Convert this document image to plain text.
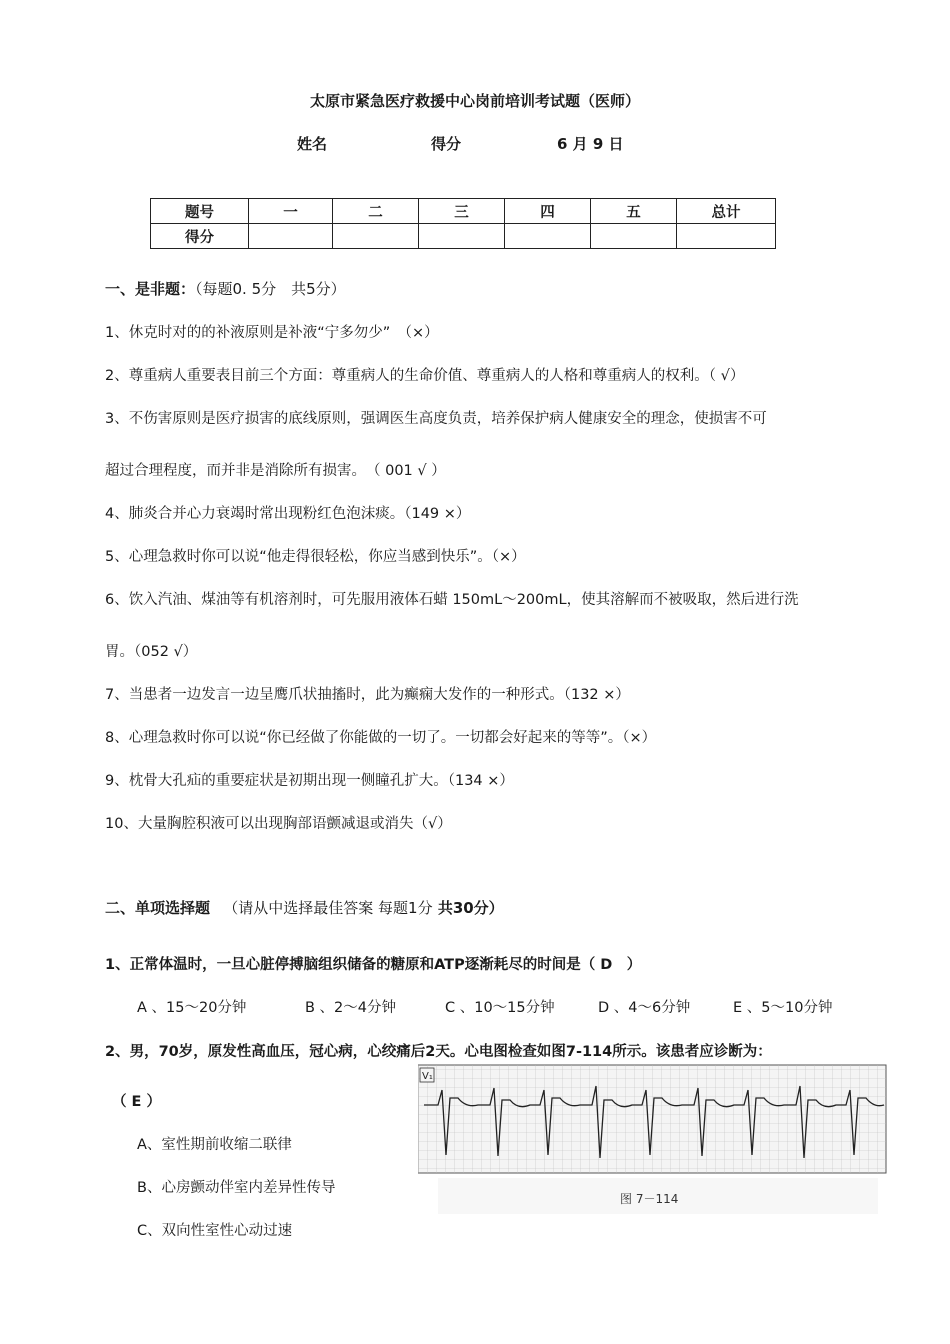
太原市紧急医疗救援中心岗前培训考试题（医师）
姓名	得分	6 月 9 日
题号	一	二	三	四	五	总计
得分						
一、是非题：（每题0. 5分　共5分）
1、休克时对的的补液原则是补液“宁多勿少”　（×）
2、尊重病人重要表目前三个方面：尊重病人的生命价值、尊重病人的人格和尊重病人的权利。（ √）
3、不伤害原则是医疗损害的底线原则，强调医生高度负责，培养保护病人健康安全的理念，使损害不可
超过合理程度，而并非是消除所有损害。　（ 001 √ ）
4、肺炎合并心力衰竭时常出现粉红色泡沫痰。（149 ×）
5、心理急救时你可以说“他走得很轻松，你应当感到快乐”。（×）
6、饮入汽油、煤油等有机溶剂时，可先服用液体石蜡 150mL～200mL，使其溶解而不被吸取，然后进行洗
胃。（052 √）
7、当患者一边发言一边呈鹰爪状抽搐时，此为癫痫大发作的一种形式。（132 ×）
8、心理急救时你可以说“你已经做了你能做的一切了。一切都会好起来的等等”。（×）
9、枕骨大孔疝的重要症状是初期出现一侧瞳孔扩大。（134 ×）
10、大量胸腔积液可以出现胸部语颤减退或消失（√）
二、单项选择题 （请从中选择最佳答案 每题1分 共30分）
1、正常体温时，一旦心脏停搏脑组织储备的糖原和ATP逐渐耗尽的时间是（ D　）
A 、15～20分钟	B 、2～4分钟	C 、10～15分钟	D 、4～6分钟	E 、5～10分钟
2、男，70岁，原发性高血压，冠心病，心绞痛后2天。心电图检查如图7-114所示。该患者应诊断为：
（ E ）
A、室性期前收缩二联律
B、心房颤动伴室内差异性传导
C、双向性室性心动过速
V₁
图 7－114
